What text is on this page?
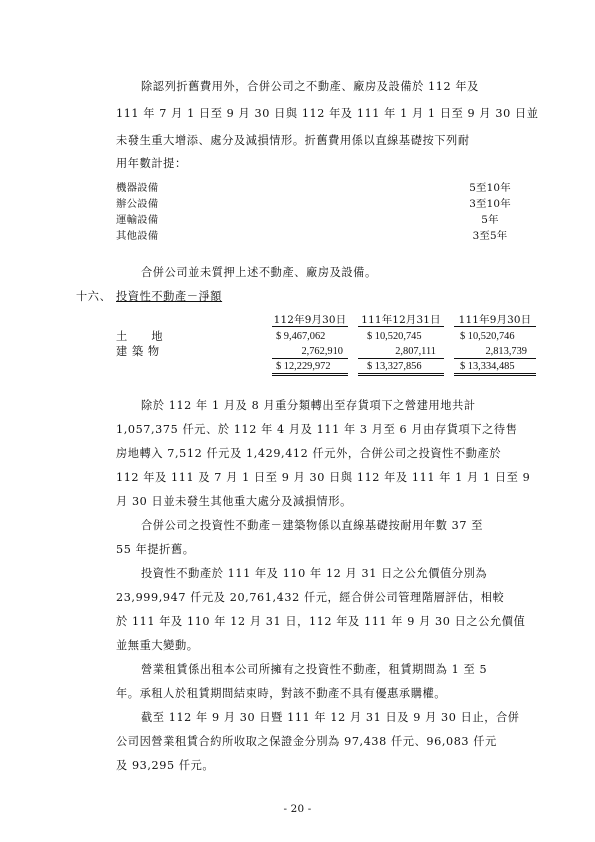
除認列折舊費用外，合併公司之不動產、廠房及設備於 112 年及
111 年 7 月 1 日至 9 月 30 日與 112 年及 111 年 1 月 1 日至 9 月 30 日並
未發生重大增添、處分及減損情形。折舊費用係以直線基礎按下列耐
用年數計提：
機器設備	5至10年
辦公設備	3至10年
運輸設備	5年
其他設備	3至5年
合併公司並未質押上述不動產、廠房及設備。
十六、 投資性不動產－淨額
112年9月30日	111年12月31日	111年9月30日
土　　地	$ 9,467,062	$ 10,520,745	$ 10,520,746
建 築 物	2,762,910	2,807,111	2,813,739
$ 12,229,972	$ 13,327,856	$ 13,334,485
除於 112 年 1 月及 8 月重分類轉出至存貨項下之營建用地共計
1,057,375 仟元、於 112 年 4 月及 111 年 3 月至 6 月由存貨項下之待售
房地轉入 7,512 仟元及 1,429,412 仟元外，合併公司之投資性不動產於
112 年及 111 及 7 月 1 日至 9 月 30 日與 112 年及 111 年 1 月 1 日至 9
月 30 日並未發生其他重大處分及減損情形。
合併公司之投資性不動產－建築物係以直線基礎按耐用年數 37 至
55 年提折舊。
投資性不動產於 111 年及 110 年 12 月 31 日之公允價值分別為
23,999,947 仟元及 20,761,432 仟元，經合併公司管理階層評估，相較
於 111 年及 110 年 12 月 31 日，112 年及 111 年 9 月 30 日之公允價值
並無重大變動。
營業租賃係出租本公司所擁有之投資性不動產，租賃期間為 1 至 5
年。承租人於租賃期間結束時，對該不動產不具有優惠承購權。
截至 112 年 9 月 30 日暨 111 年 12 月 31 日及 9 月 30 日止，合併
公司因營業租賃合約所收取之保證金分別為 97,438 仟元、96,083 仟元
及 93,295 仟元。
- 20 -
